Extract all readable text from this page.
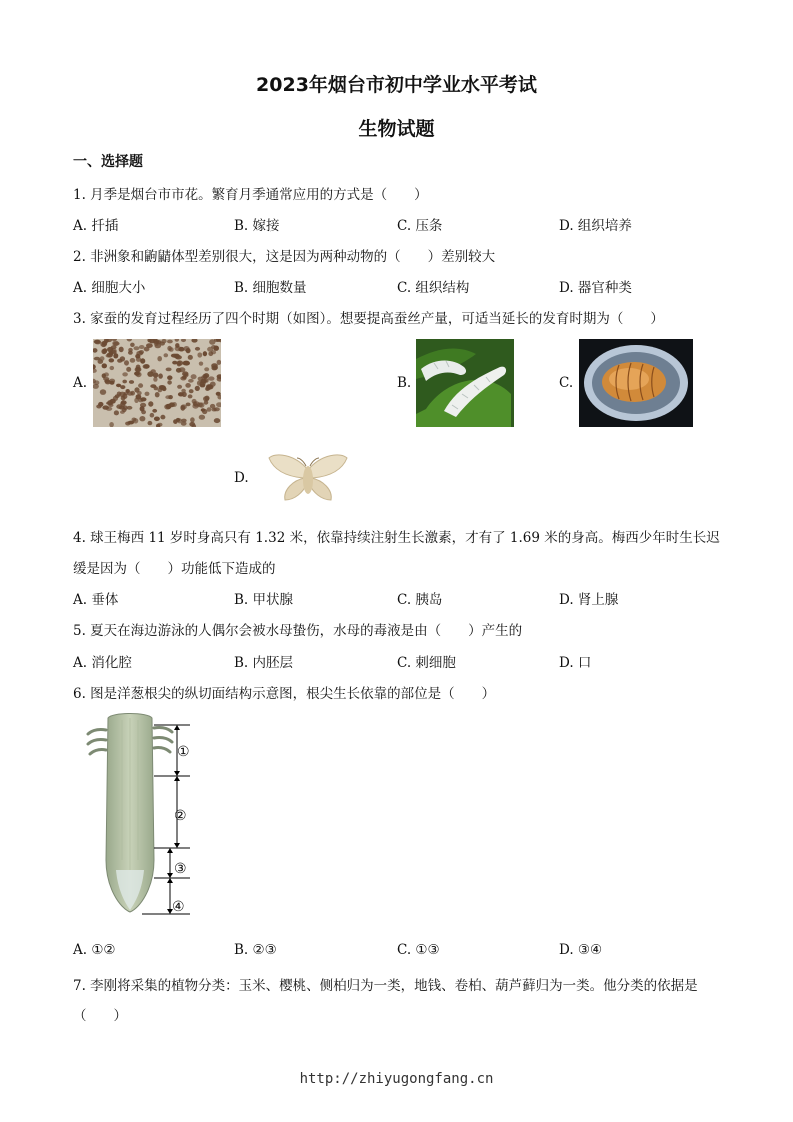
2023年烟台市初中学业水平考试
生物试题
一、选择题
1. 月季是烟台市市花。繁育月季通常应用的方式是（　　）
A. 扦插	B. 嫁接	C. 压条	D. 组织培养
2. 非洲象和鼩鼱体型差别很大，这是因为两种动物的（　　）差别较大
A. 细胞大小	B. 细胞数量	C. 组织结构	D. 器官种类
3. 家蚕的发育过程经历了四个时期（如图）。想要提高蚕丝产量，可适当延长的发育时期为（　　）
A.	B.	C.
D.
4. 球王梅西 11 岁时身高只有 1.32 米，依靠持续注射生长激素，才有了 1.69 米的身高。梅西少年时生长迟
缓是因为（　　）功能低下造成的
A. 垂体	B. 甲状腺	C. 胰岛	D. 肾上腺
5. 夏天在海边游泳的人偶尔会被水母蛰伤，水母的毒液是由（　　）产生的
A. 消化腔	B. 内胚层	C. 刺细胞	D. 口
6. 图是洋葱根尖的纵切面结构示意图，根尖生长依靠的部位是（　　）
①
②
③
④
A. ①②	B. ②③	C. ①③	D. ③④
7. 李刚将采集的植物分类：玉米、樱桃、侧柏归为一类，地钱、卷柏、葫芦藓归为一类。他分类的依据是
（　　）
http://zhiyugongfang.cn
